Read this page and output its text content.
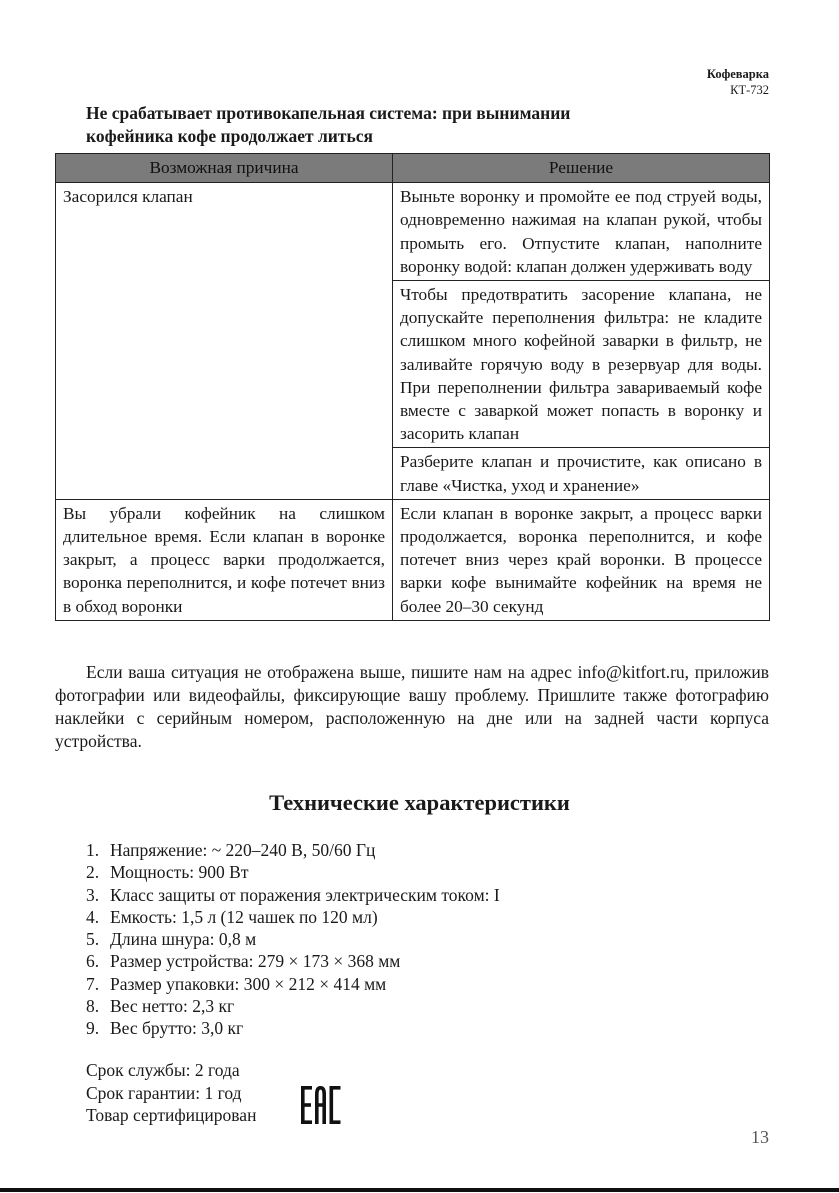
Кофеварка
КТ-732
Не срабатывает противокапельная система: при вынимании
кофейника кофе продолжает литься
Возможная причина	Решение
Засорился клапан	Выньте воронку и промойте ее под струей воды, одновременно нажимая на клапан рукой, чтобы промыть его. Отпустите клапан, наполните воронку водой: клапан должен удерживать воду
	Чтобы предотвратить засорение клапана, не допускайте переполнения фильтра: не кладите слишком много кофейной заварки в фильтр, не заливайте горячую воду в резервуар для воды. При переполнении фильтра завариваемый кофе вместе с заваркой может попасть в воронку и засорить клапан
	Разберите клапан и прочистите, как описано в главе «Чистка, уход и хранение»
Вы убрали кофейник на слишком длительное время. Если клапан в воронке закрыт, а процесс варки продолжается, воронка переполнится, и кофе потечет вниз в обход воронки	Если клапан в воронке закрыт, а процесс варки продолжается, воронка переполнится, и кофе потечет вниз через край воронки. В процессе варки кофе вынимайте кофейник на время не более 20–30 секунд

Если ваша ситуация не отображена выше, пишите нам на адрес info@kitfort.ru, приложив фотографии или видеофайлы, фиксирующие вашу проблему. Пришлите также фотографию наклейки с серийным номером, расположенную на дне или на задней части корпуса устройства.

Технические характеристики
1. Напряжение: ~ 220–240 В, 50/60 Гц
2. Мощность: 900 Вт
3. Класс защиты от поражения электрическим током: I
4. Емкость: 1,5 л (12 чашек по 120 мл)
5. Длина шнура: 0,8 м
6. Размер устройства: 279 × 173 × 368 мм
7. Размер упаковки: 300 × 212 × 414 мм
8. Вес нетто: 2,3 кг
9. Вес брутто: 3,0 кг
Срок службы: 2 года
Срок гарантии: 1 год
Товар сертифицирован
13
